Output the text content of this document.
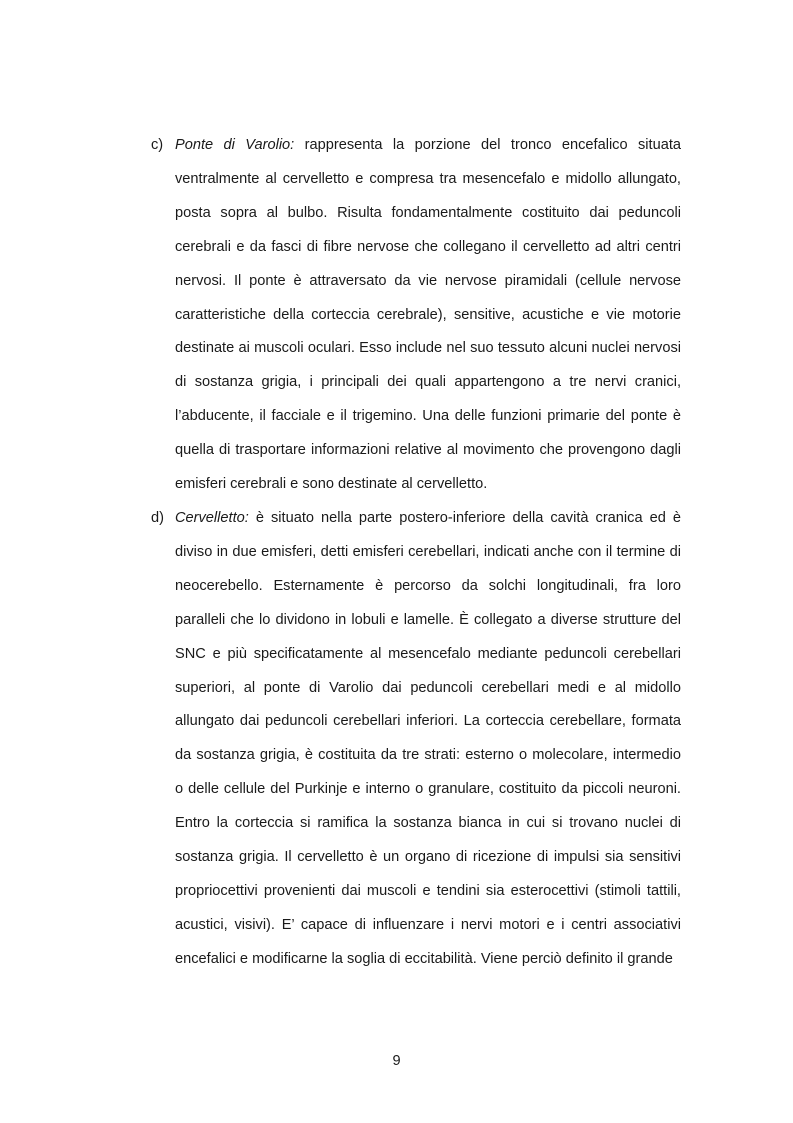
c) Ponte di Varolio: rappresenta la porzione del tronco encefalico situata ventralmente al cervelletto e compresa tra mesencefalo e midollo allungato, posta sopra al bulbo. Risulta fondamentalmente costituito dai peduncoli cerebrali e da fasci di fibre nervose che collegano il cervelletto ad altri centri nervosi. Il ponte è attraversato da vie nervose piramidali (cellule nervose caratteristiche della corteccia cerebrale), sensitive, acustiche e vie motorie destinate ai muscoli oculari. Esso include nel suo tessuto alcuni nuclei nervosi di sostanza grigia, i principali dei quali appartengono a tre nervi cranici, l’abducente, il facciale e il trigemino. Una delle funzioni primarie del ponte è quella di trasportare informazioni relative al movimento che provengono dagli emisferi cerebrali e sono destinate al cervelletto.
d) Cervelletto: è situato nella parte postero-inferiore della cavità cranica ed è diviso in due emisferi, detti emisferi cerebellari, indicati anche con il termine di neocerebello. Esternamente è percorso da solchi longitudinali, fra loro paralleli che lo dividono in lobuli e lamelle. È collegato a diverse strutture del SNC e più specificatamente al mesencefalo mediante peduncoli cerebellari superiori, al ponte di Varolio dai peduncoli cerebellari medi e al midollo allungato dai peduncoli cerebellari inferiori. La corteccia cerebellare, formata da sostanza grigia, è costituita da tre strati: esterno o molecolare, intermedio o delle cellule del Purkinje e interno o granulare, costituito da piccoli neuroni. Entro la corteccia si ramifica la sostanza bianca in cui si trovano nuclei di sostanza grigia. Il cervelletto è un organo di ricezione di impulsi sia sensitivi propriocettivi provenienti dai muscoli e tendini sia esterocettivi (stimoli tattili, acustici, visivi). E’ capace di influenzare i nervi motori e i centri associativi encefalici e modificarne la soglia di eccitabilità. Viene perciò definito il grande
9
